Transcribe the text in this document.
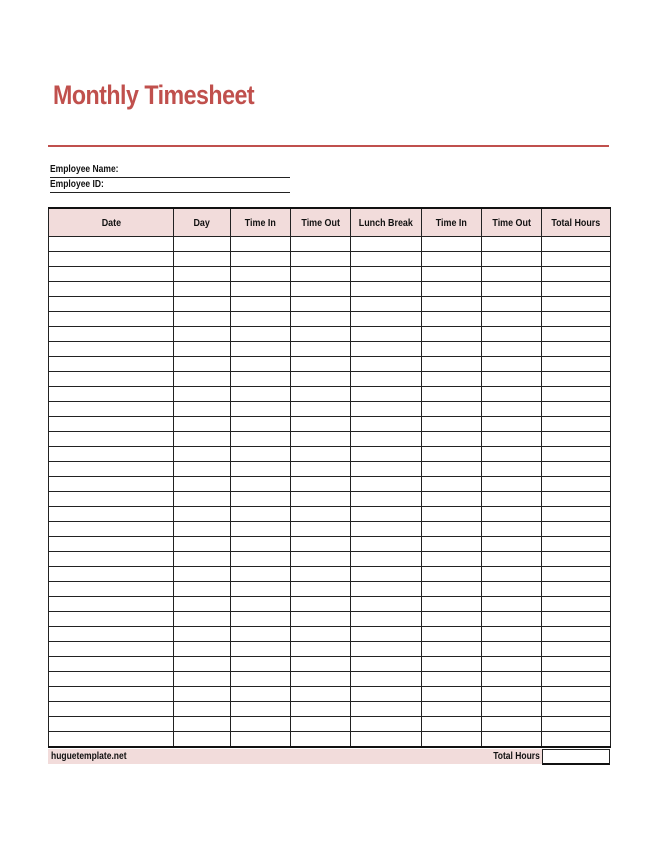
Monthly Timesheet
Employee Name:
Employee ID:
Date	Day	Time In	Time Out	Lunch Break	Time In	Time Out	Total Hours

huguetemplate.net	Total Hours
